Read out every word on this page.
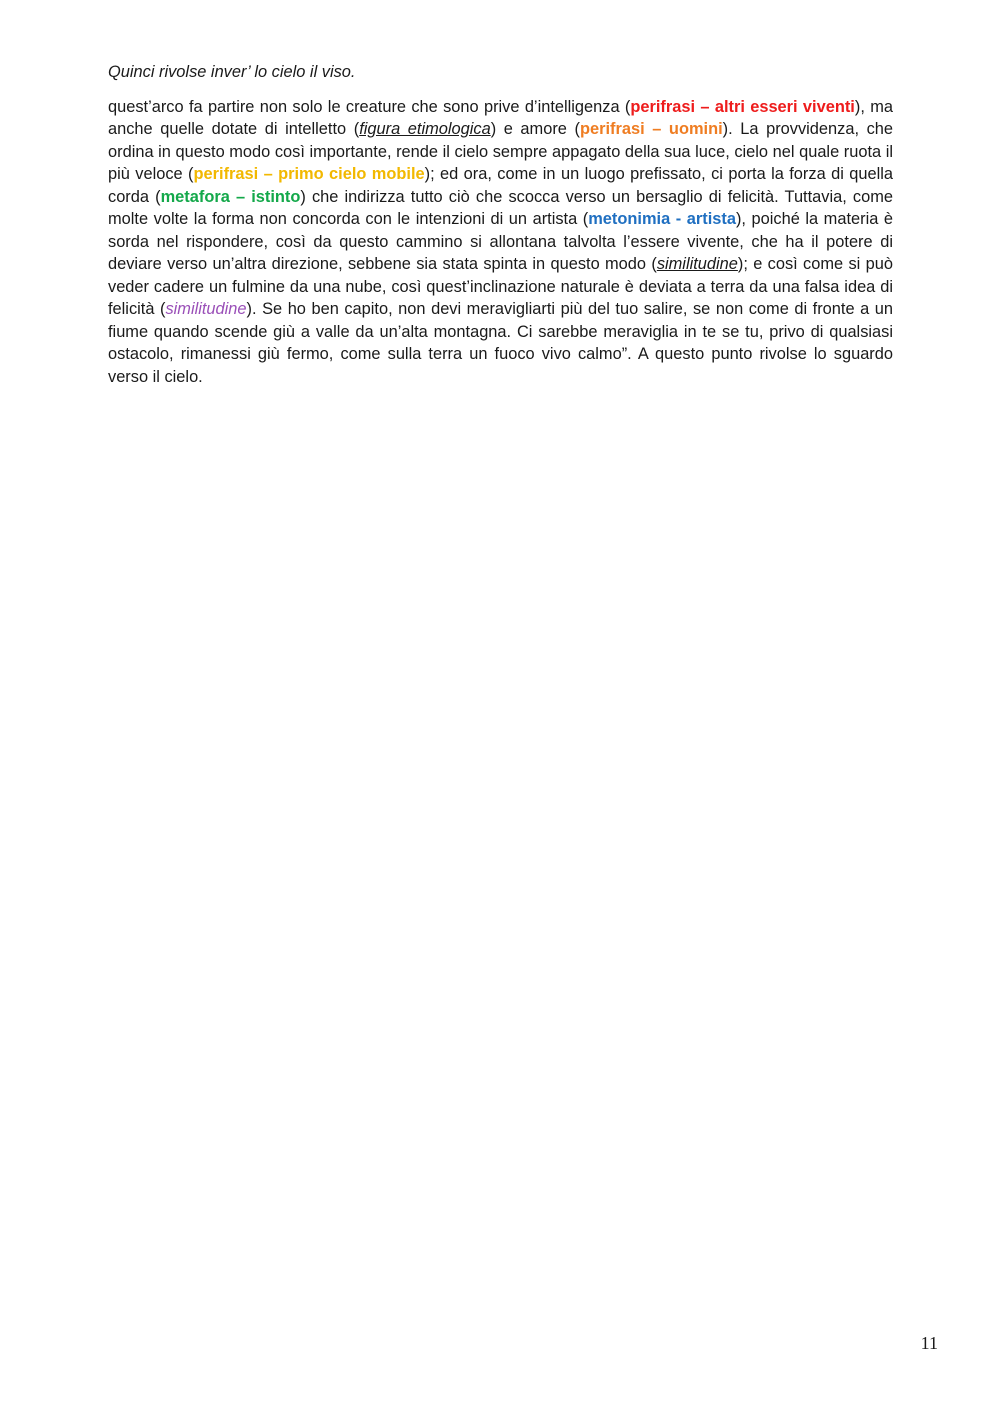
Quinci rivolse inver’ lo cielo il viso.

quest’arco fa partire non solo le creature che sono prive d’intelligenza (perifrasi – altri esseri viventi), ma anche quelle dotate di intelletto (figura etimologica) e amore (perifrasi – uomini). La provvidenza, che ordina in questo modo così importante, rende il cielo sempre appagato della sua luce, cielo nel quale ruota il più veloce (perifrasi – primo cielo mobile); ed ora, come in un luogo prefissato, ci porta la forza di quella corda (metafora – istinto) che indirizza tutto ciò che scocca verso un bersaglio di felicità. Tuttavia, come molte volte la forma non concorda con le intenzioni di un artista (metonimia - artista), poiché la materia è sorda nel rispondere, così da questo cammino si allontana talvolta l’essere vivente, che ha il potere di deviare verso un’altra direzione, sebbene sia stata spinta in questo modo (similitudine); e così come si può veder cadere un fulmine da una nube, così quest’inclinazione naturale è deviata a terra da una falsa idea di felicità (similitudine). Se ho ben capito, non devi meravigliarti più del tuo salire, se non come di fronte a un fiume quando scende giù a valle da un’alta montagna. Ci sarebbe meraviglia in te se tu, privo di qualsiasi ostacolo, rimanessi giù fermo, come sulla terra un fuoco vivo calmo”. A questo punto rivolse lo sguardo verso il cielo.

11
